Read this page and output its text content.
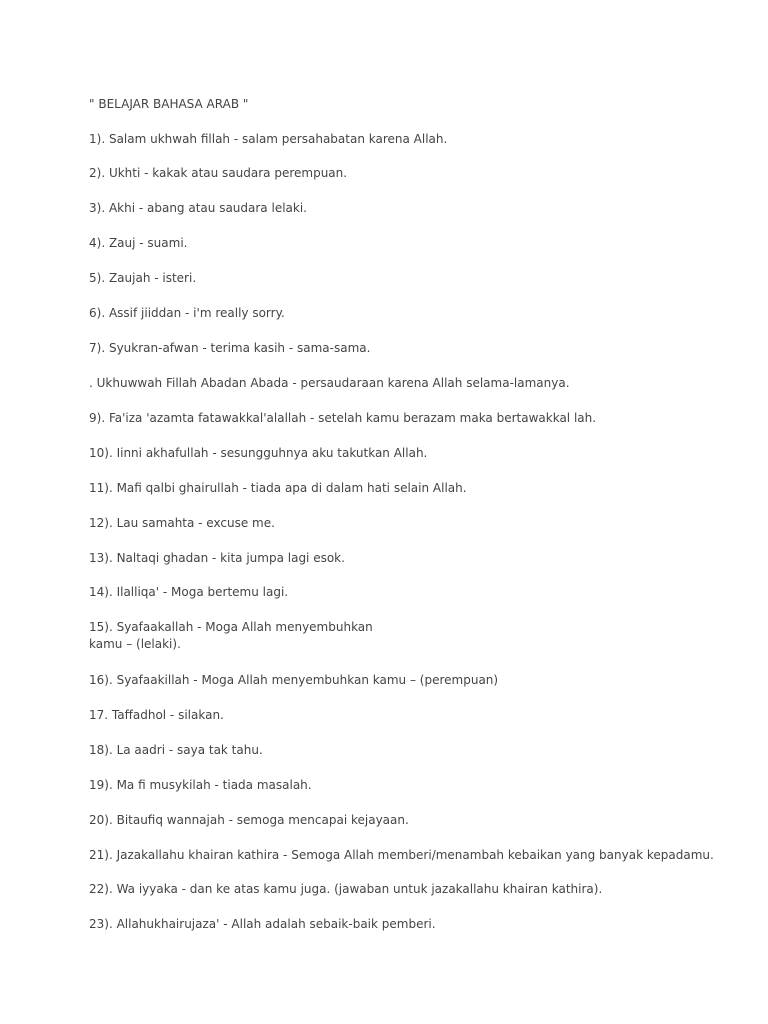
" BELAJAR BAHASA ARAB "
1). Salam ukhwah fillah - salam persahabatan karena Allah.
2). Ukhti - kakak atau saudara perempuan.
3). Akhi - abang atau saudara lelaki.
4). Zauj - suami.
5). Zaujah - isteri.
6). Assif jiiddan - i'm really sorry.
7). Syukran-afwan - terima kasih - sama-sama.
. Ukhuwwah Fillah Abadan Abada - persaudaraan karena Allah selama-lamanya.
9). Fa'iza 'azamta fatawakkal'alallah - setelah kamu berazam maka bertawakkal lah.
10). Iinni akhafullah - sesungguhnya aku takutkan Allah.
11). Mafi qalbi ghairullah - tiada apa di dalam hati selain Allah.
12). Lau samahta - excuse me.
13). Naltaqi ghadan - kita jumpa lagi esok.
14). Ilalliqa' - Moga bertemu lagi.
15). Syafaakallah - Moga Allah menyembuhkan
kamu – (lelaki).
16). Syafaakillah - Moga Allah menyembuhkan kamu – (perempuan)
17. Taffadhol - silakan.
18). La aadri - saya tak tahu.
19). Ma fi musykilah - tiada masalah.
20). Bitaufiq wannajah - semoga mencapai kejayaan.
21). Jazakallahu khairan kathira - Semoga Allah memberi/menambah kebaikan yang banyak kepadamu.
22). Wa iyyaka - dan ke atas kamu juga. (jawaban untuk jazakallahu khairan kathira).
23). Allahukhairujaza' - Allah adalah sebaik-baik pemberi.
